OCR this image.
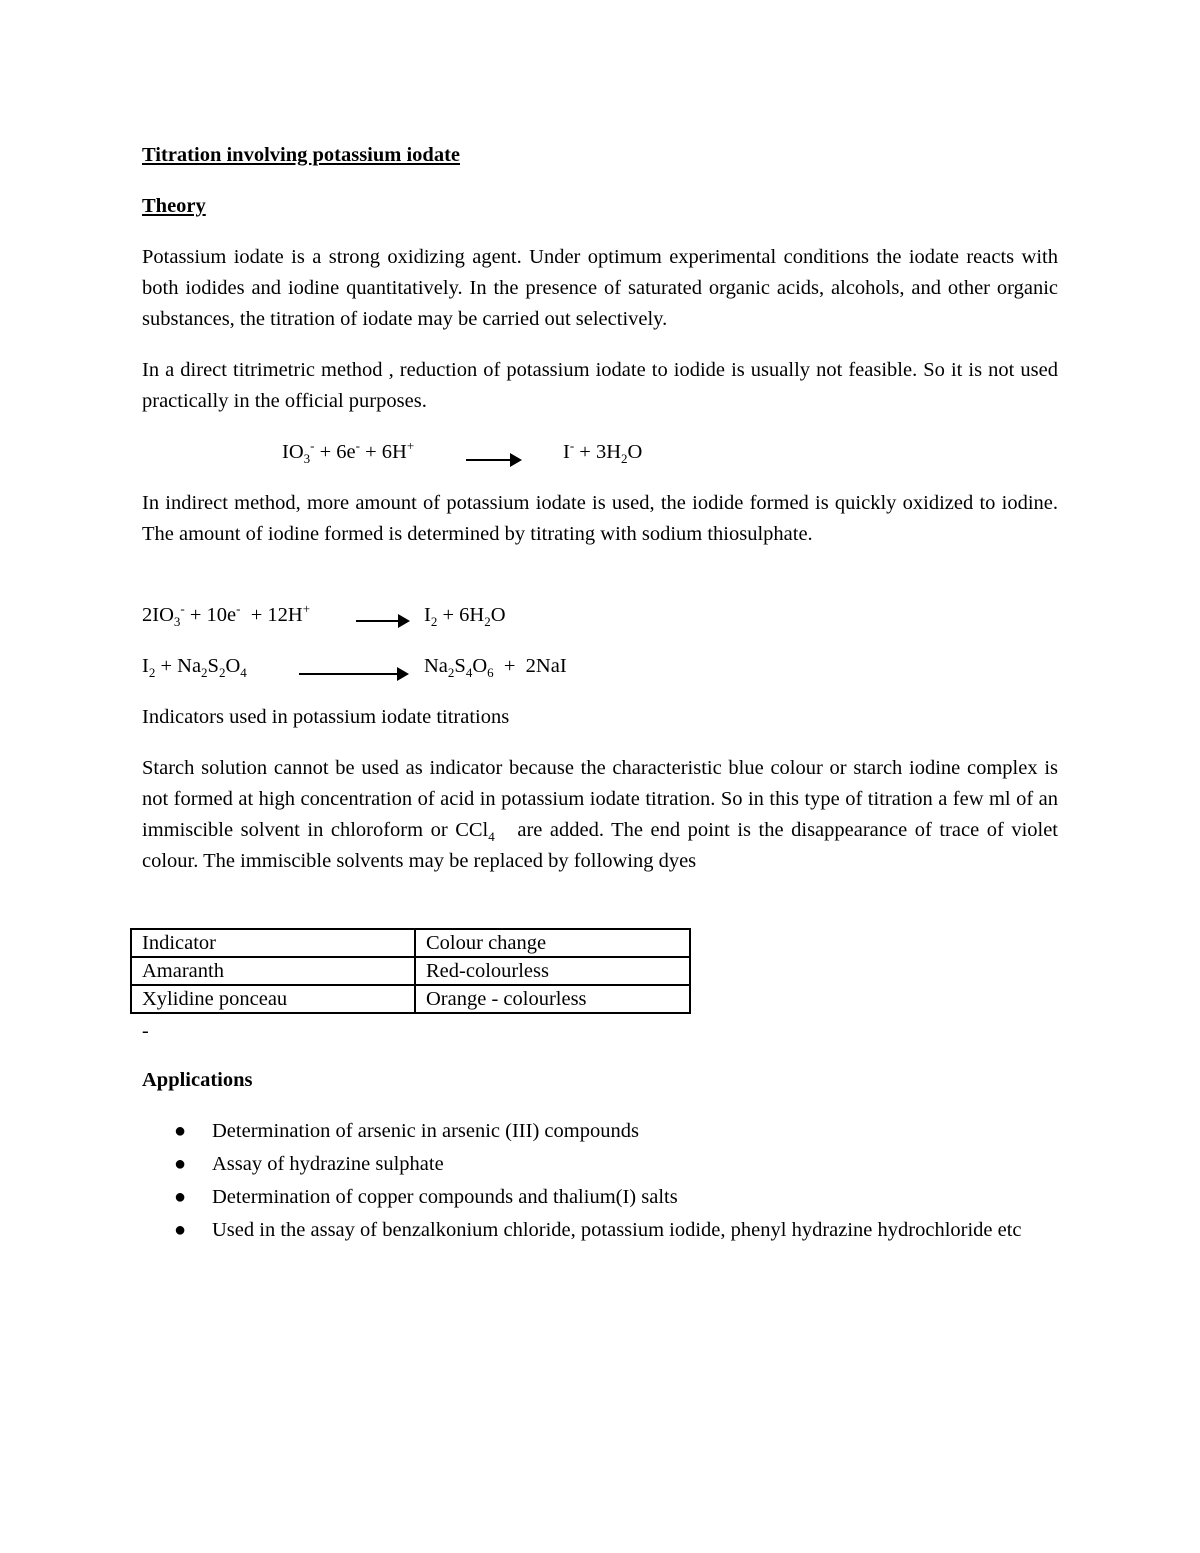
Titration involving potassium iodate

Theory

Potassium iodate is a strong oxidizing agent. Under optimum experimental conditions the iodate reacts with both iodides and iodine quantitatively. In the presence of saturated organic acids, alcohols, and other organic substances, the titration of iodate may be carried out selectively.

In a direct titrimetric method , reduction of potassium iodate to iodide is usually not feasible. So it is not used practically in the official purposes.

$IO_3^- + 6e^- + 6H^+$	$I^- + 3H_2O$

In indirect method, more amount of potassium iodate is used, the iodide formed is quickly oxidized to iodine. The amount of iodine formed is determined by titrating with sodium thiosulphate.

$2IO_3^- + 10e^- + 12H^+ \to I_2 + 6H_2O$

$I_2 + Na_2S_2O_4$	$Na_2S_4O_6 + 2NaI$

Indicators used in potassium iodate titrations

Starch solution cannot be used as indicator because the characteristic blue colour or starch iodine complex is not formed at high concentration of acid in potassium iodate titration. So in this type of titration a few ml of an immiscible solvent in chloroform or CCl$_4$   are added. The end point is the disappearance of trace of violet colour. The immiscible solvents may be replaced by following dyes

Indicator	Colour change
Amaranth	Red-colourless
Xylidine ponceau	Orange - colourless
-

Applications

● Determination of arsenic in arsenic (III) compounds
● Assay of hydrazine sulphate
● Determination of copper compounds and thalium(I) salts
● Used in the assay of benzalkonium chloride, potassium iodide, phenyl hydrazine hydrochloride etc
